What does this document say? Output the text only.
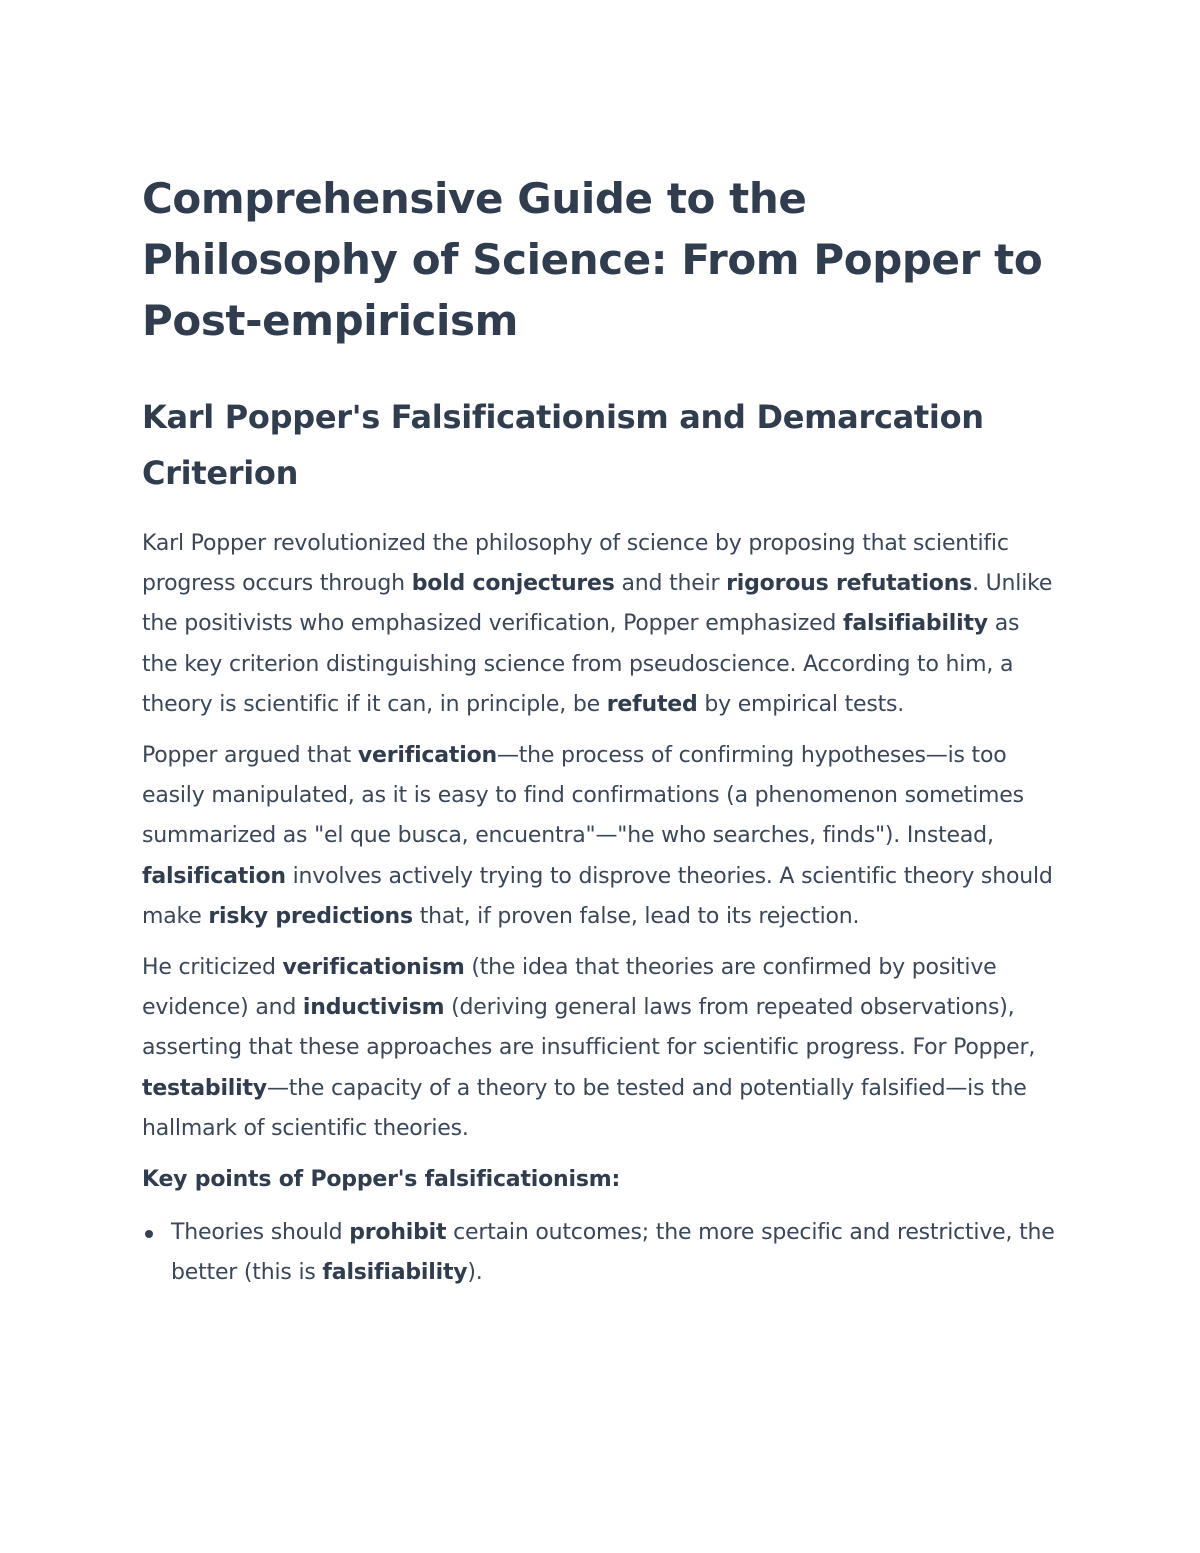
Comprehensive Guide to the Philosophy of Science: From Popper to Post-empiricism
Karl Popper's Falsificationism and Demarcation Criterion

Karl Popper revolutionized the philosophy of science by proposing that scientific progress occurs through bold conjectures and their rigorous refutations. Unlike the positivists who emphasized verification, Popper emphasized falsifiability as the key criterion distinguishing science from pseudoscience. According to him, a theory is scientific if it can, in principle, be refuted by empirical tests.

Popper argued that verification—the process of confirming hypotheses—is too easily manipulated, as it is easy to find confirmations (a phenomenon sometimes summarized as "el que busca, encuentra"—"he who searches, finds"). Instead, falsification involves actively trying to disprove theories. A scientific theory should make risky predictions that, if proven false, lead to its rejection.

He criticized verificationism (the idea that theories are confirmed by positive evidence) and inductivism (deriving general laws from repeated observations), asserting that these approaches are insufficient for scientific progress. For Popper, testability—the capacity of a theory to be tested and potentially falsified—is the hallmark of scientific theories.

Key points of Popper's falsificationism:

Theories should prohibit certain outcomes; the more specific and restrictive, the better (this is falsifiability).
